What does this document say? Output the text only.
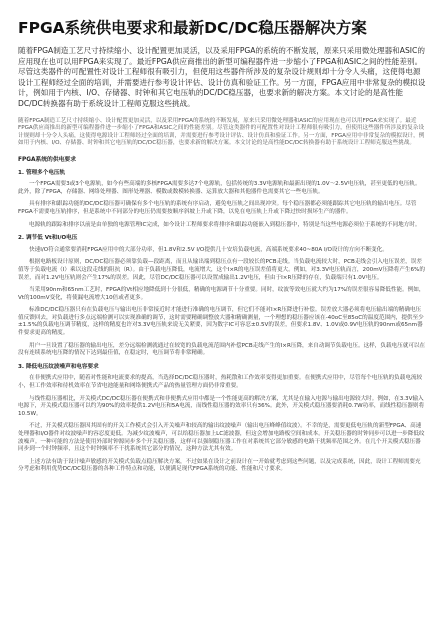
FPGA系统供电要求和最新DC/DC稳压器解决方案

随着FPGA制造工艺尺寸持续缩小、设计配置更加灵活，以及采用FPGA的系统的不断发展，原来只采用微处理器和ASIC的应用现在也可以用FPGA来实现了。最近FPGA供应商推出的新型可编程器件进一步缩小了FPGA和ASIC之间的性能差别。尽管这类器件的可配置性对设计工程师很有吸引力，但使用这些器件所涉及的复杂设计规则却十分令人头痛，这使得电源设计工程师经过全面的培训，并需要进行参考设计评估、设计仿真和验证工作。另一方面，FPGA应用中非常复杂的模拟设计，例如用于内核、I/O、存储器、时钟和其它电压轨的DC/DC稳压器，也要求新的解决方案。本文讨论的是高性能DC/DC转换器有助于系统设计工程师克服这些挑战。

随着FPGA制造工艺尺寸持续缩小、设计配置更加灵活，以及采用FPGA的系统的不断发展，原来只采用微处理器和ASIC的应用现在也可以用FPGA来实现了。最近FPGA供应商推出的新型可编程器件进一步缩小了FPGA和ASIC之间的性能差别。尽管这类器件的可配置性对设计工程师很有吸引力，但使用这些器件所涉及的复杂设计规则却十分令人头痛，这使得电源设计工程师经过全面的培训，并需要进行参考设计评估、设计仿真和验证工作。另一方面，FPGA应用中非常复杂的模拟设计，例如用于内核、I/O、存储器、时钟和其它电压轨的DC/DC稳压器，也要求新的解决方案。本文讨论的是高性能DC/DC转换器有助于系统设计工程师克服这些挑战。

FPGA系统的供电要求
1. 管理多个电压轨

一个FPGA需要3或3个电源轨，如今有些高端的多核FPGA需要多达7个电源轨，包括传统的3.3V电源轨和最新出现的1.0V～2.5V电压轨，甚至更低的电压轨。此外，除了FPGA，存储器、网络处理器、图形处理器、模数或数模转换器、运算放大器和其他器件也需要其它一些电压轨。

具有排序和跟踪功能的DC/DC稳压器可确保有多个电压轨的系统有序启动，避免电压轨之间出现冲突。每个稳压器都必须能跟踪其它电压轨的输出电压。尽管FPGA不需要电压轨排序，但是系统中不同部分的电压仍需要按顺序斜坡上升或下降，以免在电压轨上升或下降过快时损坏生产的器件。

电源轨的跟踪和排序以前是由单独的电源管理IC完成，如今设计工程师要求将排序和跟踪功能嵌入到稳压器中，特别是当这些电源必须位于系统的不同地方时。

2. 调节低 Vt和I/O电压

快速I/O符合通常要消耗FPGA应用中的大部分功率，但1.8V和2.5V I/O提供几十安培负载电流，高端系统要求40~80A I/O设计的方向不断变化。

根据电路板设计原则，DC/DC稳压器必须靠负载—段距离，而且从输出端到稳压点有一段较长的PCB走线。当负载电流较大时，PCB走线会引入电压误差，误差值等于负载电流（I）乘以这段走线的阻抗（R）。由于负载电压降低，电流增大，这个I×R的电压误差值将更大。例如，对3.3V电压轨而言，200mV压降将产生6%的误差，而对1.2V电压轨则会产生17%的误差。因此，尽管DC/DC稳压器可以设置成输出1.2V电压，但由于I×R压降的存在，负载端只有1.0V电压。

当采用90nm和65nm工艺时，FPGA的Vt相应地降低到十分很低，精确的电源调节十分重要。同时，纹波等效电压就大约为17%的误差很容易降低性能。例如，Vt的100mV变化，将使漏电流增大10倍或者更多。

标准DC/DC稳压器只有在负载电压与输出电压非常接近时才能进行准确的电压调节，但它们不能对I×R压降进行补偿。误差放大器必须将电压输出端的精确电压值反馈回去，对负载进行多点远端检测可以实现准确的调节，这时需要精确调整放大器和精确测量，一个理想的稳压器应该在-40oC至85oC的温度范围内，提供至少±1.5%的负载电压调节精度，这样的精度也许对3.3V电压轨来说无关紧要，因为数字IC可容忍±0.5V的误差，但要求1.8V、1.0V或0.9V电压轨的90nm或65nm器件要求更高的精度。

用户一旦设置了稳压器的输出电压，差分远端检测就通过在较宽的负载电流范围内补偿PCB走线产生的I×R压降，来自动调节负载电压。这样，负载电压就可以在没有连续系统电压降的情况下达到最佳值，在稳定时，电压调节将非常精确。

3. 降低电压纹波噪声和电容要求

在非便携式应用中，随着对性能和电流要求的提高，当选择DC/DC稳压器时，热耗散和工作效率变得更加重要。在便携式应用中，尽管每个电压轨的负载电流较小，但工作效率和待机效率在节省电池能量和网络便携式产品的热量管理方面仍非常重要。

与线性稳压器相比，开关模式DC/DC稳压器在便携式和非便携式应用中都是一个性能更高的解决方案，尤其是在输入电源与输出电源较大时。例如，在3.3V输入电源下，开关模式稳压器可以约为90%的效率提供1.2V电压和5A电流，而线性稳压器的效率只有36%。此外，开关模式稳压器要消耗0.7W功率，而线性稳压器则将10.5W。

不过，开关模式稳压器因其固有的开关工作模式会引入开关噪声和较高的输出纹波噪声（输出电压峰峰值纹波）。不幸的是，需要更低电压轨的新型FPGA、高速处理器和I/O器件对纹波噪声的容忍度更低。为减少纹波噪声，可以给稳压器加上LC滤波器，但这会增加电路板空间和成本。开关稳压器的时钟同步可以进一步降低纹波噪声。一种可能的方法是使用外部时钟源同步多个开关稳压器，这样可以强制稳压器工作在对系统其它部分敏感的电路干扰频率范围之外。在几个开关模式稳压器同步到一个时钟频率，且这个时钟频率不干扰系统其它部分的情况，这种方法尤其有效。

上述方法有助于设计噪声敏感的开关模式负载点稳压解决方案，不过如果在设计之前设计在一开始就考虑到这些问题，以及完成系统，因此，设计工程师需要充分考虑和利用优势DC/DC稳压器的各种工作特点和功能，以便满足现代FPGA系统的功能、性能和尺寸要求。
